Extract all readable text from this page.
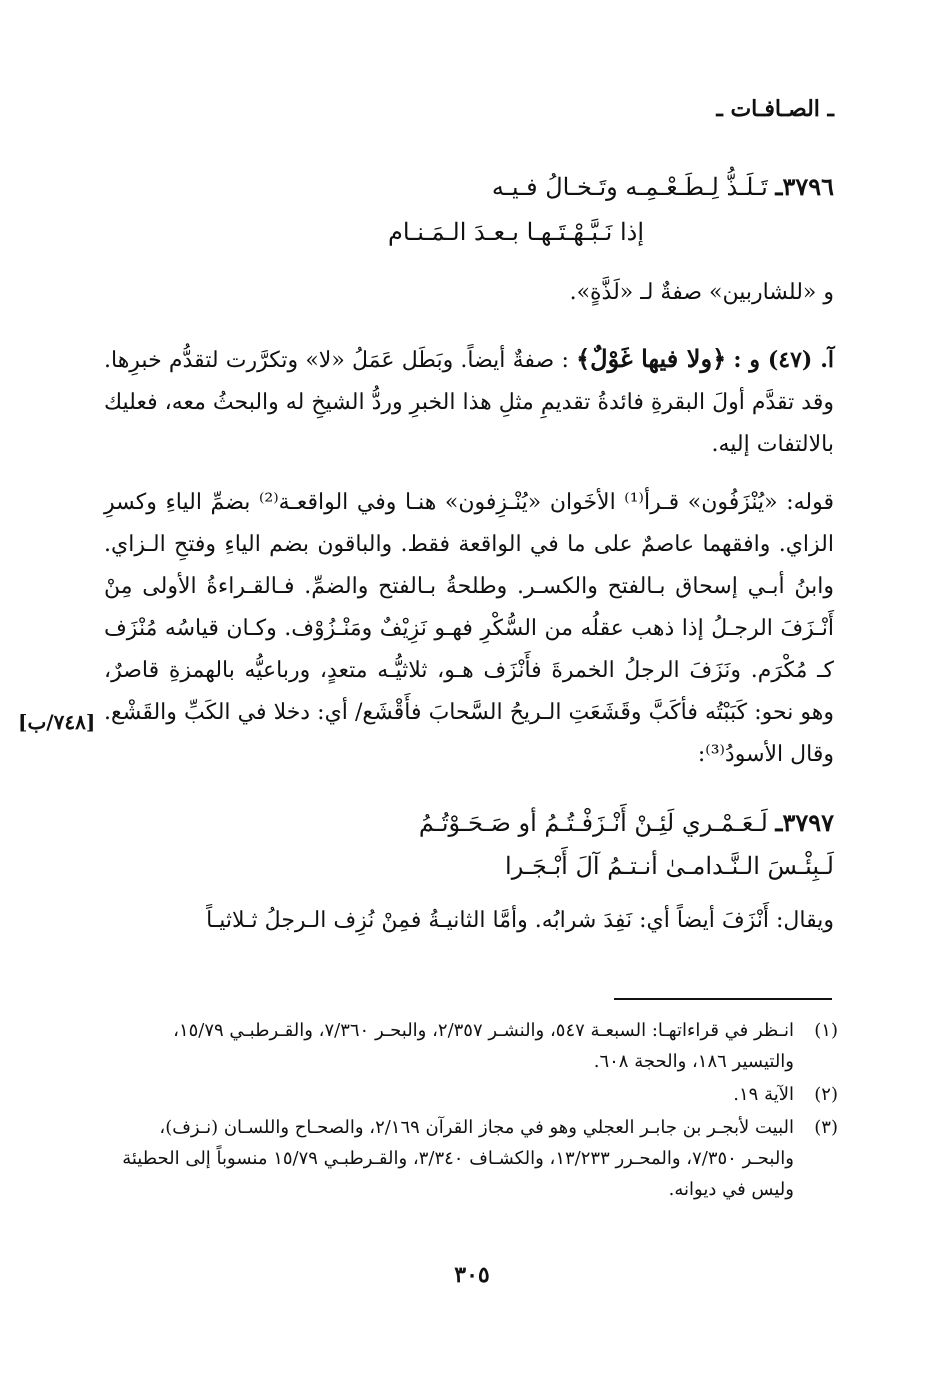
ـ الصـافـات ـ
٣٧٩٦ـ تَـلَـذُّ لِـطَـعْـمِـه وتَـخـالُ فـيـه
إذا نَـبَّـهْـتَـهـا بـعـدَ الـمَـنـام
و «للشاربين» صفةٌ لـ «لَذَّةٍ».
آ. (٤٧) و : ﴿ولا فيها غَوْلٌ﴾ : صفةٌ أيضاً. وبَطَل عَمَلُ «لا» وتكرَّرت لتقدُّم خبرِها. وقد تقدَّم أولَ البقرةِ فائدةُ تقديمِ مثلِ هذا الخبرِ وردُّ الشيخِ له والبحثُ معه، فعليك بالالتفات إليه.
قوله: «يُنْزَفُون» قـرأ⁽¹⁾ الأخَوان «يُنْـزِفون» هنـا وفي الواقعـة⁽²⁾ بضمِّ الياءِ وكسرِ الزاي. وافقهما عاصمٌ على ما في الواقعة فقط. والباقون بضم الياءِ وفتحِ الـزاي. وابنُ أبـي إسحاق بـالفتح والكسـر. وطلحةُ بـالفتح والضمِّ. فـالقـراءةُ الأولى مِنْ أَنْـزَفَ الرجـلُ إذا ذهب عقلُه من السُّكْرِ فهـو نَزِيْفٌ ومَنْـزُوْف. وكـان قياسُه مُنْزَف كـ مُكْرَم. ونَزَفَ الرجلُ الخمرةَ فأَنْزَف هـو، ثلاثيُّـه متعدٍ، ورباعيُّه بالهمزةِ قاصرٌ، وهو نحو: كَبَبْتُه فأكَبَّ وقَشَعَتِ الـريحُ السَّحابَ فأَقْشَع/ أي: دخلا في الكَبِّ والقَشْع. وقال الأسودُ⁽³⁾:
[٧٤٨/ب]
٣٧٩٧ـ لَـعَـمْـري لَئِـنْ أَنْـزَفْـتُـمُ أو صَـحَـوْتُـمُ
لَـبِئْـسَ الـنَّـدامـىٰ أنـتـمُ آلَ أَبْـجَـرا
ويقال: أَنْزَفَ أيضاً أي: نَفِدَ شرابُه. وأمَّا الثانيـةُ فمِنْ نُزِف الـرجلُ ثـلاثيـاً
(١)
انـظر في قراءاتهـا: السبعـة ٥٤٧، والنشـر ٢/٣٥٧، والبحـر ٧/٣٦٠، والقـرطبـي ١٥/٧٩، والتيسير ١٨٦، والحجة ٦٠٨.
(٢)
الآية ١٩.
(٣)
البيت لأبجـر بن جابـر العجلي وهو في مجاز القرآن ٢/١٦٩، والصحـاح واللسـان (نـزف)، والبحـر ٧/٣٥٠، والمحـرر ١٣/٢٣٣، والكشـاف ٣/٣٤٠، والقـرطبـي ١٥/٧٩ منسوباً إلى الحطيئة وليس في ديوانه.
٣٠٥
